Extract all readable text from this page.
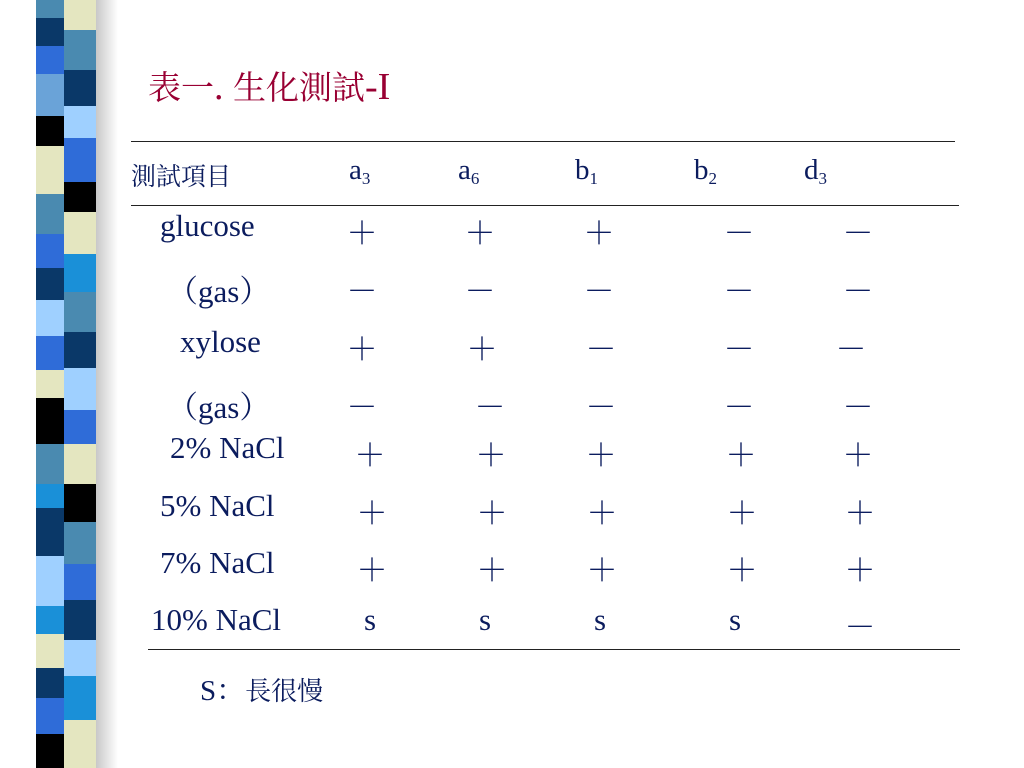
表一. 生化測試-I
測試項目	$a_3$	$a_6$	$b_1$	$b_2$	$d_3$
glucose	＋	＋	＋	－	－
（gas）	－	－	－	－	－
xylose	＋	＋	－	－	－
（gas）	－	－	－	－	－
2% NaCl	＋	＋	＋	＋	＋
5% NaCl	＋	＋	＋	＋	＋
7% NaCl	＋	＋	＋	＋	＋
10% NaCl	s	s	s	s	－
S：長很慢
